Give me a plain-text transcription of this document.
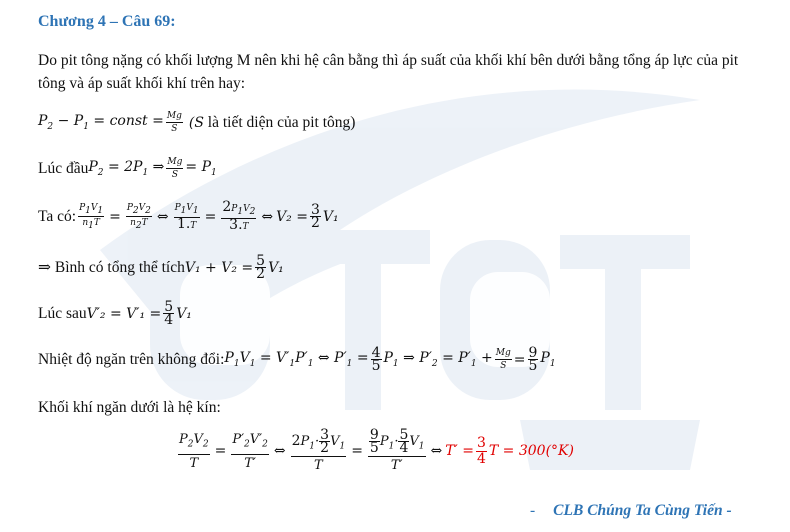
Chương 4 – Câu 69:
Do pit tông nặng có khối lượng M nên khi hệ cân bằng thì áp suất của khối khí bên dưới bằng tổng áp lực của pit tông và áp suất khối khí trên hay:
$P_2 - P_1$ = const = $\frac{Mg}{S} (S$ là tiết diện của pit tông)
Lúc đầu $P_2 = 2P_1$ ⇒ $\frac{Mg}{S} = P_1$
Ta có: $\frac{P_1V_1}{n_1T} = \frac{P_2V_2}{n_2T}$ ⇔ $\frac{P_1V_1}{1.T} = \frac{2P_1V_2}{3.T}$ ⇔ $V_2 = \frac{3}{2} V_1$
⇒ Bình có tổng thể tích $V_1 + V_2 = \frac{5}{2} V_1$
Lúc sau $V'_2 = V'_1 = \frac{5}{4} V_1$
Nhiệt độ ngăn trên không đổi: $P_1V_1 = V'_1P'_1$ ⇔ $P'_1 = \frac{4}{5} P_1$ ⇒ $P'_2 = P'_1 + \frac{Mg}{S} = \frac{9}{5} P_1$
Khối khí ngăn dưới là hệ kín:
$\frac{P_2V_2}{T} = \frac{P'_2V'_2}{T'}$ ⇔ $\frac{2P_1\cdot \frac{3}{2} V_1}{T} = \frac{\frac{9}{5} P_1\cdot \frac{5}{4} V_1}{T'}$ ⇔ $T' = \frac{3}{4}$ T = 300(°K)
- CLB Chúng Ta Cùng Tiến -
